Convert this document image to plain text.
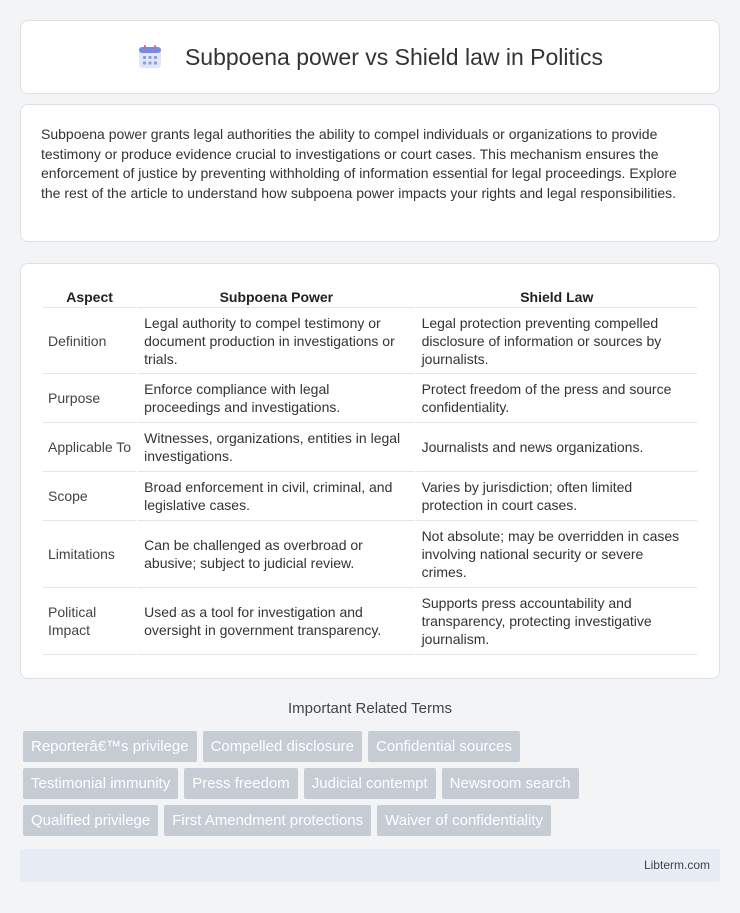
Subpoena power vs Shield law in Politics

Subpoena power grants legal authorities the ability to compel individuals or organizations to provide testimony or produce evidence crucial to investigations or court cases. This mechanism ensures the enforcement of justice by preventing withholding of information essential for legal proceedings. Explore the rest of the article to understand how subpoena power impacts your rights and legal responsibilities.

Aspect	Subpoena Power	Shield Law
Definition	Legal authority to compel testimony or document production in investigations or trials.	Legal protection preventing compelled disclosure of information or sources by journalists.
Purpose	Enforce compliance with legal proceedings and investigations.	Protect freedom of the press and source confidentiality.
Applicable To	Witnesses, organizations, entities in legal investigations.	Journalists and news organizations.
Scope	Broad enforcement in civil, criminal, and legislative cases.	Varies by jurisdiction; often limited protection in court cases.
Limitations	Can be challenged as overbroad or abusive; subject to judicial review.	Not absolute; may be overridden in cases involving national security or severe crimes.
Political Impact	Used as a tool for investigation and oversight in government transparency.	Supports press accountability and transparency, protecting investigative journalism.
Important Related Terms
Reporterâ€™s privilege	Compelled disclosure	Confidential sources
Testimonial immunity	Press freedom	Judicial contempt	Newsroom search
Qualified privilege	First Amendment protections	Waiver of confidentiality
Libterm.com
